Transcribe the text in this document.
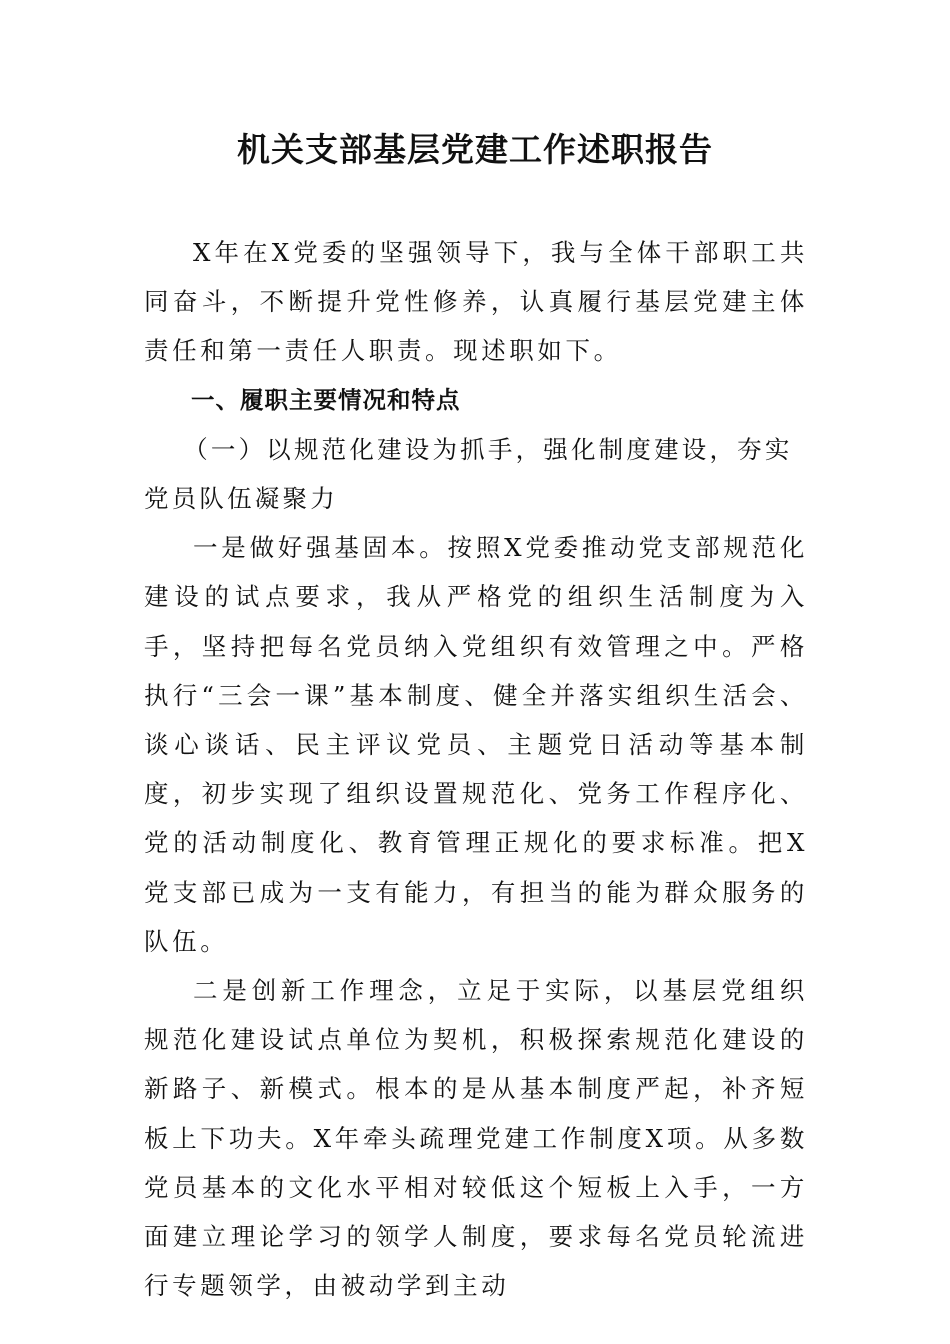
机关支部基层党建工作述职报告

X年在X党委的坚强领导下，我与全体干部职工共同奋斗，不断提升党性修养，认真履行基层党建主体责任和第一责任人职责。现述职如下。

一、履职主要情况和特点

（一）以规范化建设为抓手，强化制度建设，夯实党员队伍凝聚力

一是做好强基固本。按照X党委推动党支部规范化建设的试点要求，我从严格党的组织生活制度为入手，坚持把每名党员纳入党组织有效管理之中。严格执行“三会一课”基本制度、健全并落实组织生活会、谈心谈话、民主评议党员、主题党日活动等基本制度，初步实现了组织设置规范化、党务工作程序化、党的活动制度化、教育管理正规化的要求标准。把X党支部已成为一支有能力，有担当的能为群众服务的队伍。

二是创新工作理念，立足于实际，以基层党组织规范化建设试点单位为契机，积极探索规范化建设的新路子、新模式。根本的是从基本制度严起，补齐短板上下功夫。X年牵头疏理党建工作制度X项。从多数党员基本的文化水平相对较低这个短板上入手，一方面建立理论学习的领学人制度，要求每名党员轮流进行专题领学，由被动学到主动
